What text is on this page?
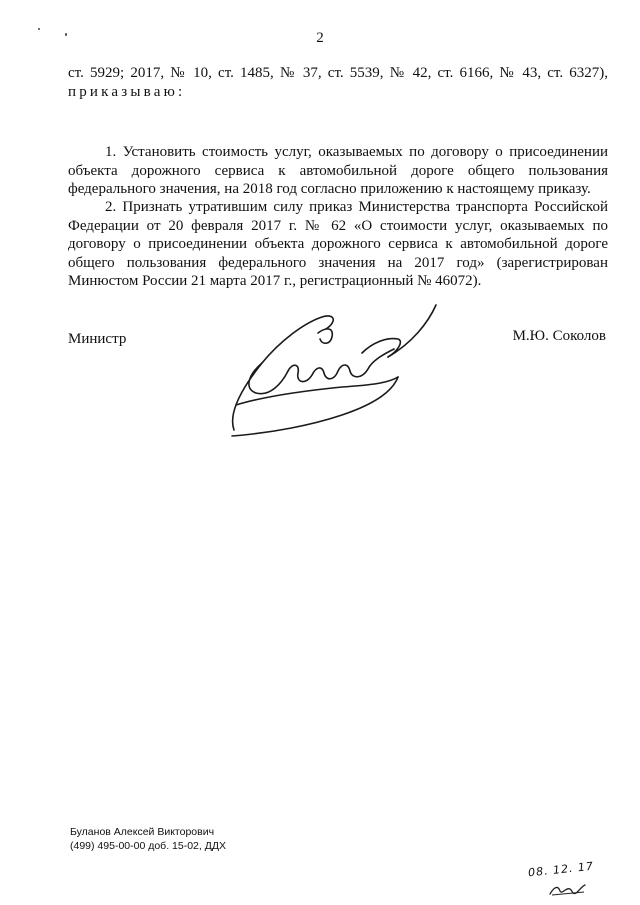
2
ст. 5929; 2017, № 10, ст. 1485, № 37, ст. 5539, № 42, ст. 6166, № 43, ст. 6327),
приказываю:
1. Установить стоимость услуг, оказываемых по договору о присоединении
объекта дорожного сервиса к автомобильной дороге общего пользования
федерального значения, на 2018 год согласно приложению к настоящему приказу.
2. Признать утратившим силу приказ Министерства транспорта Российской
Федерации от 20 февраля 2017 г. № 62 «О стоимости услуг, оказываемых по
договору о присоединении объекта дорожного сервиса к автомобильной дороге
общего пользования федерального значения на 2017 год» (зарегистрирован
Минюстом России 21 марта 2017 г., регистрационный № 46072).
Министр	М.Ю. Соколов
Буланов Алексей Викторович
(499) 495-00-00 доб. 15-02, ДДХ
08. 12. 17
